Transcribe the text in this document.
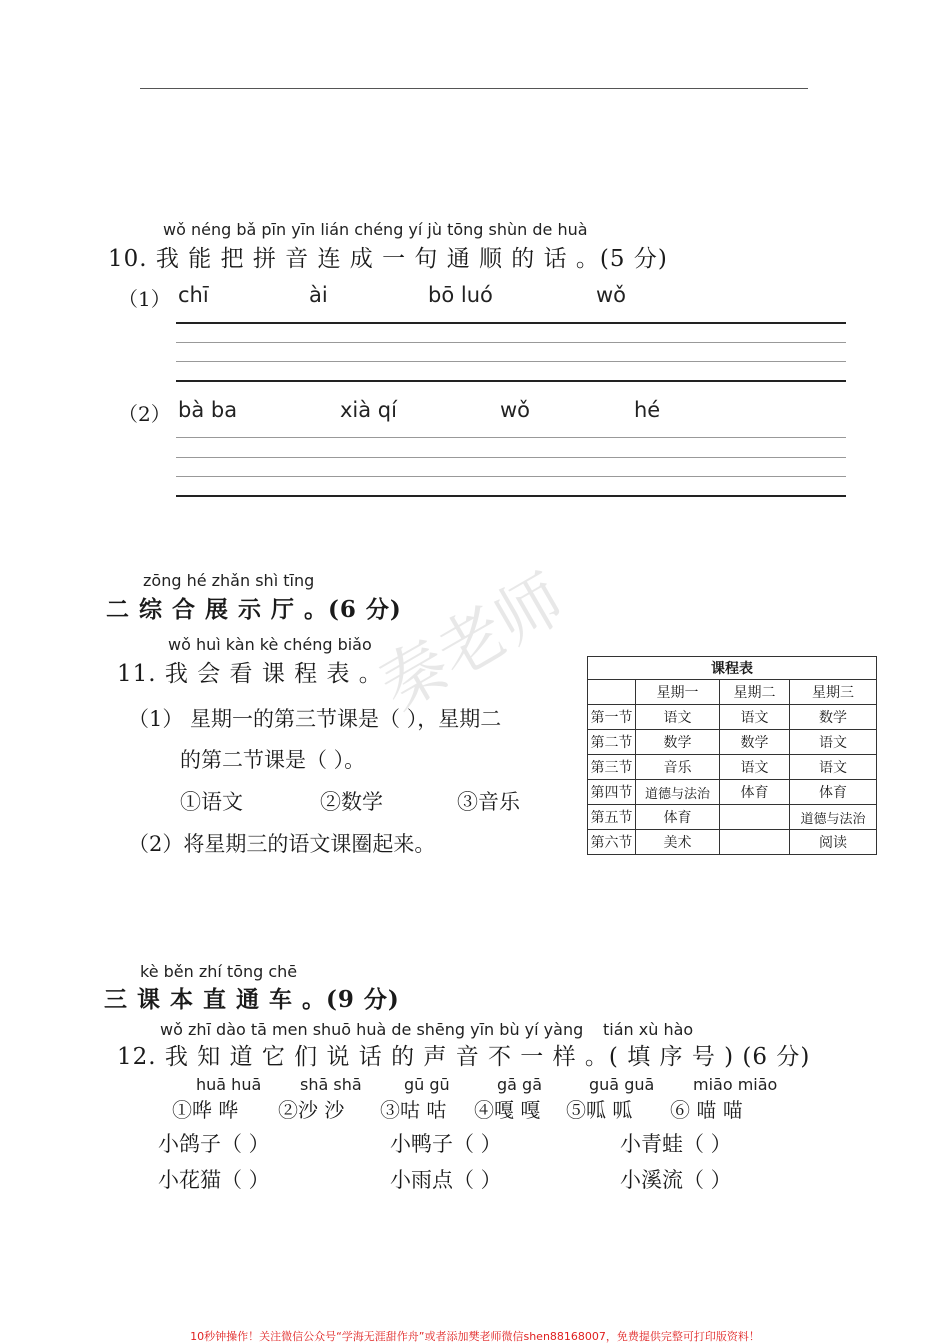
wǒ néng bǎ pīn yīn lián chéng yí jù tōng shùn de huà
10. 我 能 把 拼 音 连 成 一 句 通 顺 的 话 。(5 分)
（1） chī	ài	bō luó	wǒ
（2） bà ba	xià qí	wǒ	hé
zōng hé zhǎn shì tīng
二 综 合 展 示 厅 。(6 分)
wǒ huì kàn kè chéng biǎo
11. 我 会 看 课 程 表 。
（1） 星期一的第三节课是（ ），星期二
的第二节课是（ ）。
①语文	②数学	③音乐
（2）将星期三的语文课圈起来。
秦老师	课程表			
	星期一	星期二	星期三
第一节	语文	语文	数学
第二节	数学	数学	语文
第三节	音乐	语文	语文
第四节	道德与法治	体育	体育
第五节	体育		道德与法治
第六节	美术		阅读
kè běn zhí tōng chē
三 课 本 直 通 车 。(9 分)
wǒ zhī dào tā men shuō huà de shēng yīn bù yí yàng tián xù hào
12. 我 知 道 它 们 说 话 的 声 音 不 一 样 。( 填 序 号 ) (6 分)
huā huā shā shā	gū gū	gā gā	guā guā miāo miāo
①哗 哗 ②沙 沙 ③咕 咕 ④嘎 嘎 ⑤呱 呱 ⑥ 喵 喵
小鸽子（ ）	小鸭子（ ）	小青蛙（ ）
小花猫（ ）	小雨点（ ）	小溪流（ ）
10秒钟操作！关注微信公众号“学海无涯甜作舟”或者添加樊老师微信shen88168007，免费提供完整可打印版资料！
